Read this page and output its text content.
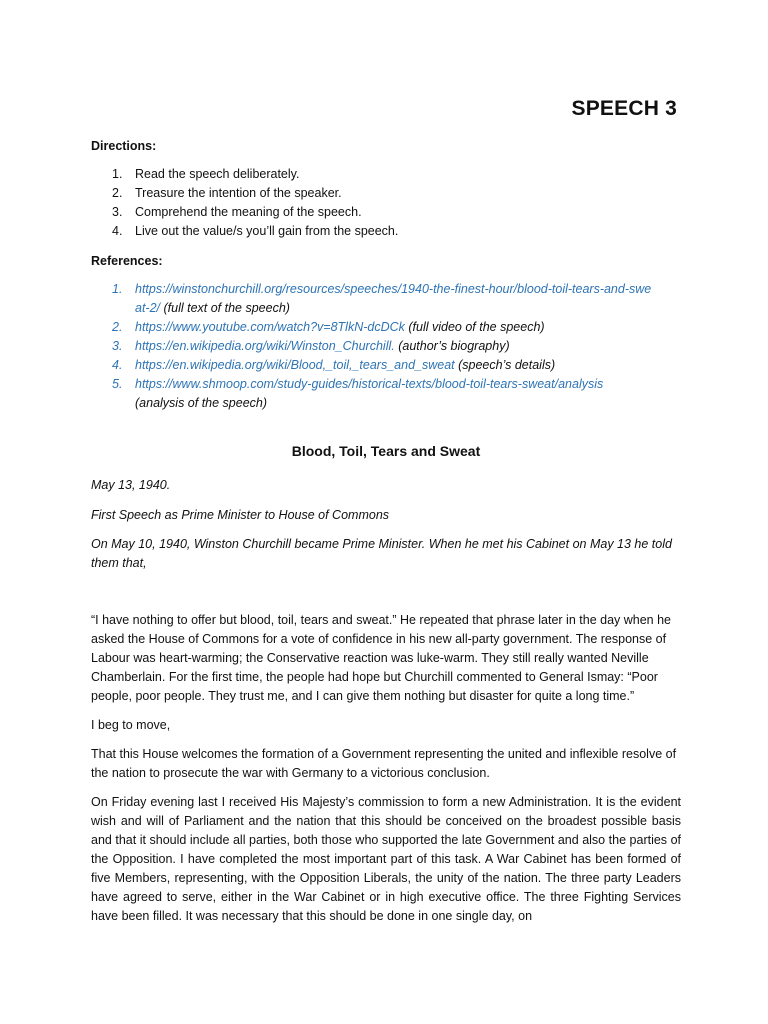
SPEECH 3
Directions:
1.	Read the speech deliberately.
2.	Treasure the intention of the speaker.
3.	Comprehend the meaning of the speech.
4.	Live out the value/s you’ll gain from the speech.
References:
1.	https://winstonchurchill.org/resources/speeches/1940-the-finest-hour/blood-toil-tears-and-sweat-2/ (full text of the speech)
2.	https://www.youtube.com/watch?v=8TlkN-dcDCk (full video of the speech)
3.	https://en.wikipedia.org/wiki/Winston_Churchill. (author’s biography)
4.	https://en.wikipedia.org/wiki/Blood,_toil,_tears_and_sweat (speech’s details)
5.	https://www.shmoop.com/study-guides/historical-texts/blood-toil-tears-sweat/analysis
(analysis of the speech)
Blood, Toil, Tears and Sweat

May 13, 1940.

First Speech as Prime Minister to House of Commons

On May 10, 1940, Winston Churchill became Prime Minister. When he met his Cabinet on May 13 he told them that,

“I have nothing to offer but blood, toil, tears and sweat.” He repeated that phrase later in the day when he asked the House of Commons for a vote of confidence in his new all-party government. The response of Labour was heart-warming; the Conservative reaction was luke-warm. They still really wanted Neville Chamberlain. For the first time, the people had hope but Churchill commented to General Ismay: “Poor people, poor people. They trust me, and I can give them nothing but disaster for quite a long time.”

I beg to move,

That this House welcomes the formation of a Government representing the united and inflexible resolve of the nation to prosecute the war with Germany to a victorious conclusion.

On Friday evening last I received His Majesty’s commission to form a new Administration. It is the evident wish and will of Parliament and the nation that this should be conceived on the broadest possible basis and that it should include all parties, both those who supported the late Government and also the parties of the Opposition. I have completed the most important part of this task. A War Cabinet has been formed of five Members, representing, with the Opposition Liberals, the unity of the nation. The three party Leaders have agreed to serve, either in the War Cabinet or in high executive office. The three Fighting Services have been filled. It was necessary that this should be done in one single day, on
